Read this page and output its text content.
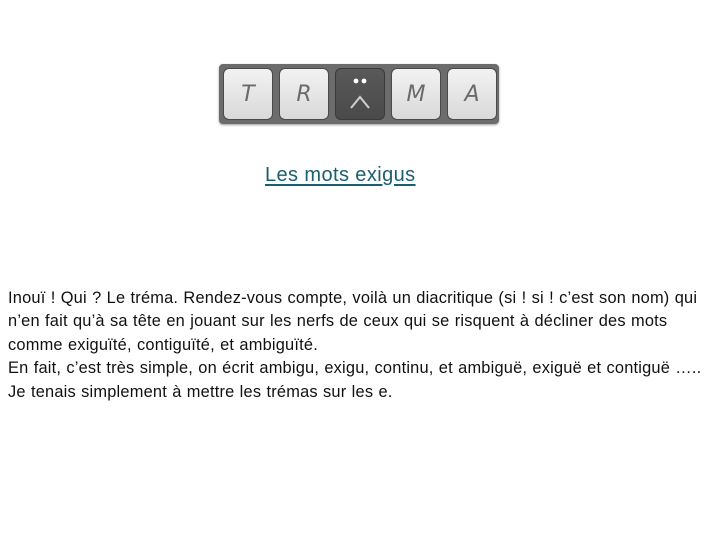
T R	M A
Les mots exigus

Inouï ! Qui ? Le tréma. Rendez-vous compte, voilà un diacritique (si ! si ! c’est son nom) qui n’en fait qu’à sa tête en jouant sur les nerfs de ceux qui se risquent à décliner des mots comme exiguïté, contiguïté, et ambiguïté.

En fait, c’est très simple, on écrit ambigu, exigu, continu, et ambiguë, exiguë et contiguë …..

Je tenais simplement à mettre les trémas sur les e.
